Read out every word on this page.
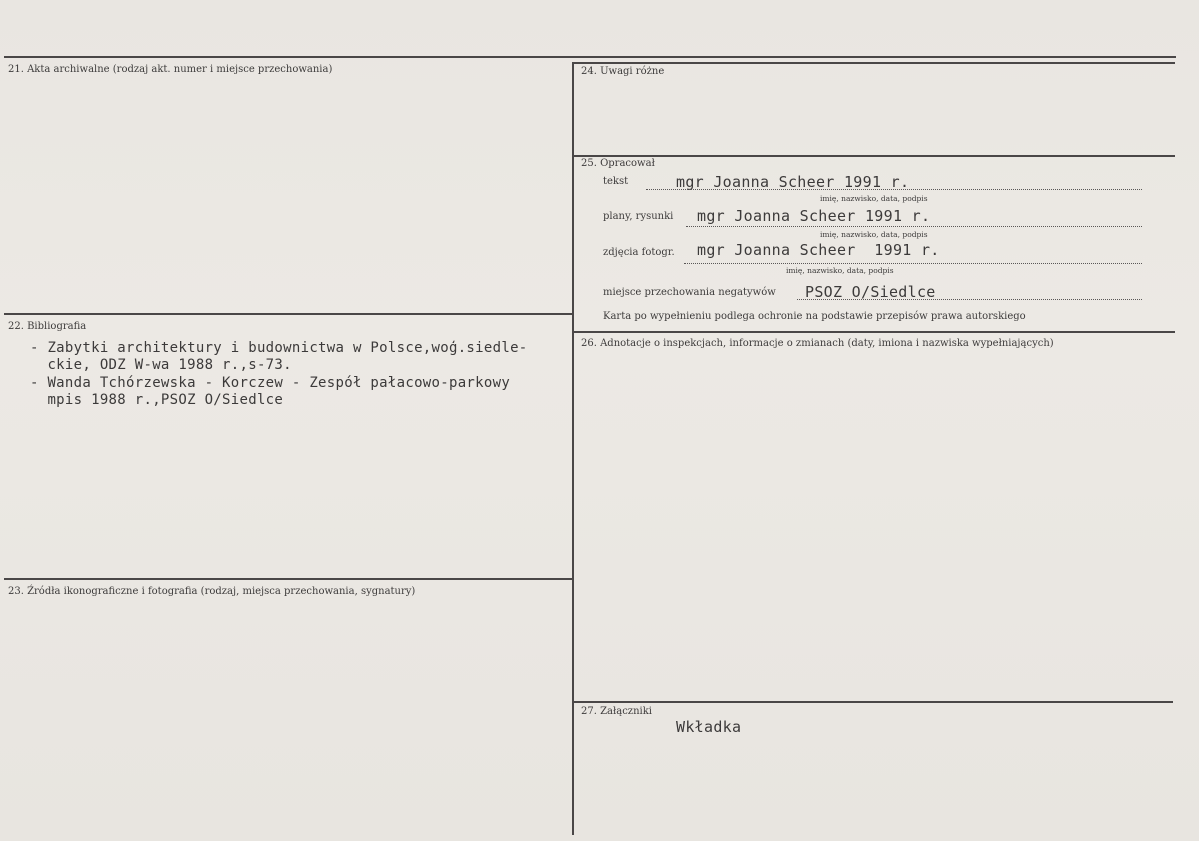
21. Akta archiwalne (rodzaj akt. numer i miejsce przechowania)
22. Bibliografia
- Zabytki architektury i budownictwa w Polsce,woģ.siedle-
ckie, ODZ W-wa 1988 r.,s-73.
- Wanda Tchórzewska - Korczew - Zespół pałacowo-parkowy
mpis 1988 r.,PSOZ O/Siedlce
23. Źródła ikonograficzne i fotografia (rodzaj, miejsca przechowania, sygnatury)
24. Uwagi różne
25. Opracował
tekst	mgr Joanna Scheer 1991 r.
imię, nazwisko, data, podpis
plany, rysunki mgr Joanna Scheer 1991 r.
imię, nazwisko, data, podpis
zdjęcia fotogr. mgr Joanna Scheer  1991 r.
imię, nazwisko, data, podpis
miejsce przechowania negatywów PSOZ O/Siedlce
Karta po wypełnieniu podlega ochronie na podstawie przepisów prawa autorskiego
26. Adnotacje o inspekcjach, informacje o zmianach (daty, imiona i nazwiska wypełniających)
27. Załączniki
Wkładka
